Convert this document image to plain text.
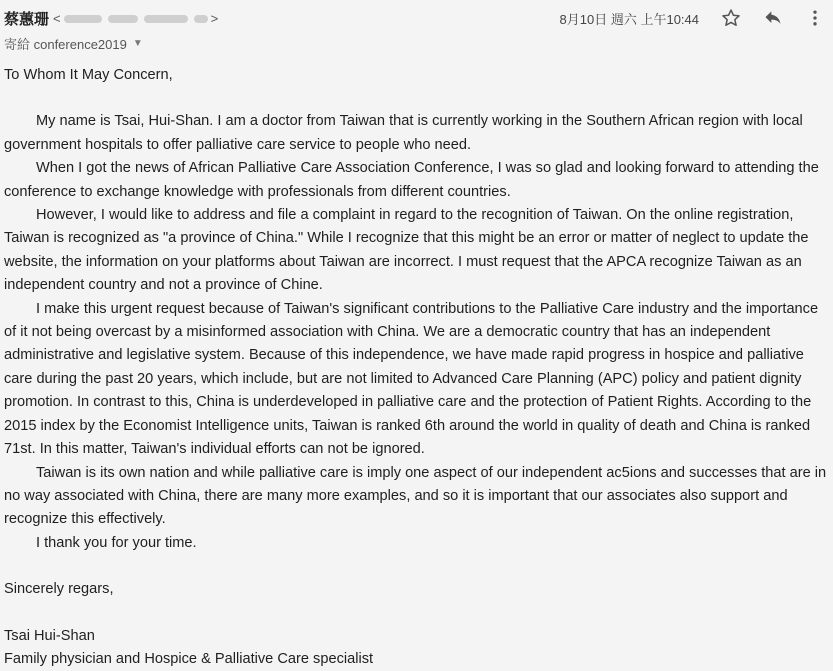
蔡蕙珊 <	>
寄給 conference2019 ▼
8月10日 週六 上午10:44

To Whom It May Concern,

My name is Tsai, Hui-Shan. I am a doctor from Taiwan that is currently working in the Southern African region with local government hospitals to offer palliative care service to people who need.

When I got the news of African Palliative Care Association Conference, I was so glad and looking forward to attending the conference to exchange knowledge with professionals from different countries.

However, I would like to address and file a complaint in regard to the recognition of Taiwan. On the online registration, Taiwan is recognized as "a province of China." While I recognize that this might be an error or matter of neglect to update the website, the information on your platforms about Taiwan are incorrect. I must request that the APCA recognize Taiwan as an independent country and not a province of Chine.

I make this urgent request because of Taiwan's significant contributions to the Palliative Care industry and the importance of it not being overcast by a misinformed association with China. We are a democratic country that has an independent administrative and legislative system. Because of this independence, we have made rapid progress in hospice and palliative care during the past 20 years, which include, but are not limited to Advanced Care Planning (APC) policy and patient dignity promotion. In contrast to this, China is underdeveloped in palliative care and the protection of Patient Rights. According to the 2015 index by the Economist Intelligence units, Taiwan is ranked 6th around the world in quality of death and China is ranked 71st. In this matter, Taiwan's individual efforts can not be ignored.

Taiwan is its own nation and while palliative care is imply one aspect of our independent ac5ions and successes that are in no way associated with China, there are many more examples, and so it is important that our associates also support and recognize this effectively.

I thank you for your time.

Sincerely regars,

Tsai Hui-Shan

Family physician and Hospice & Palliative Care specialist
